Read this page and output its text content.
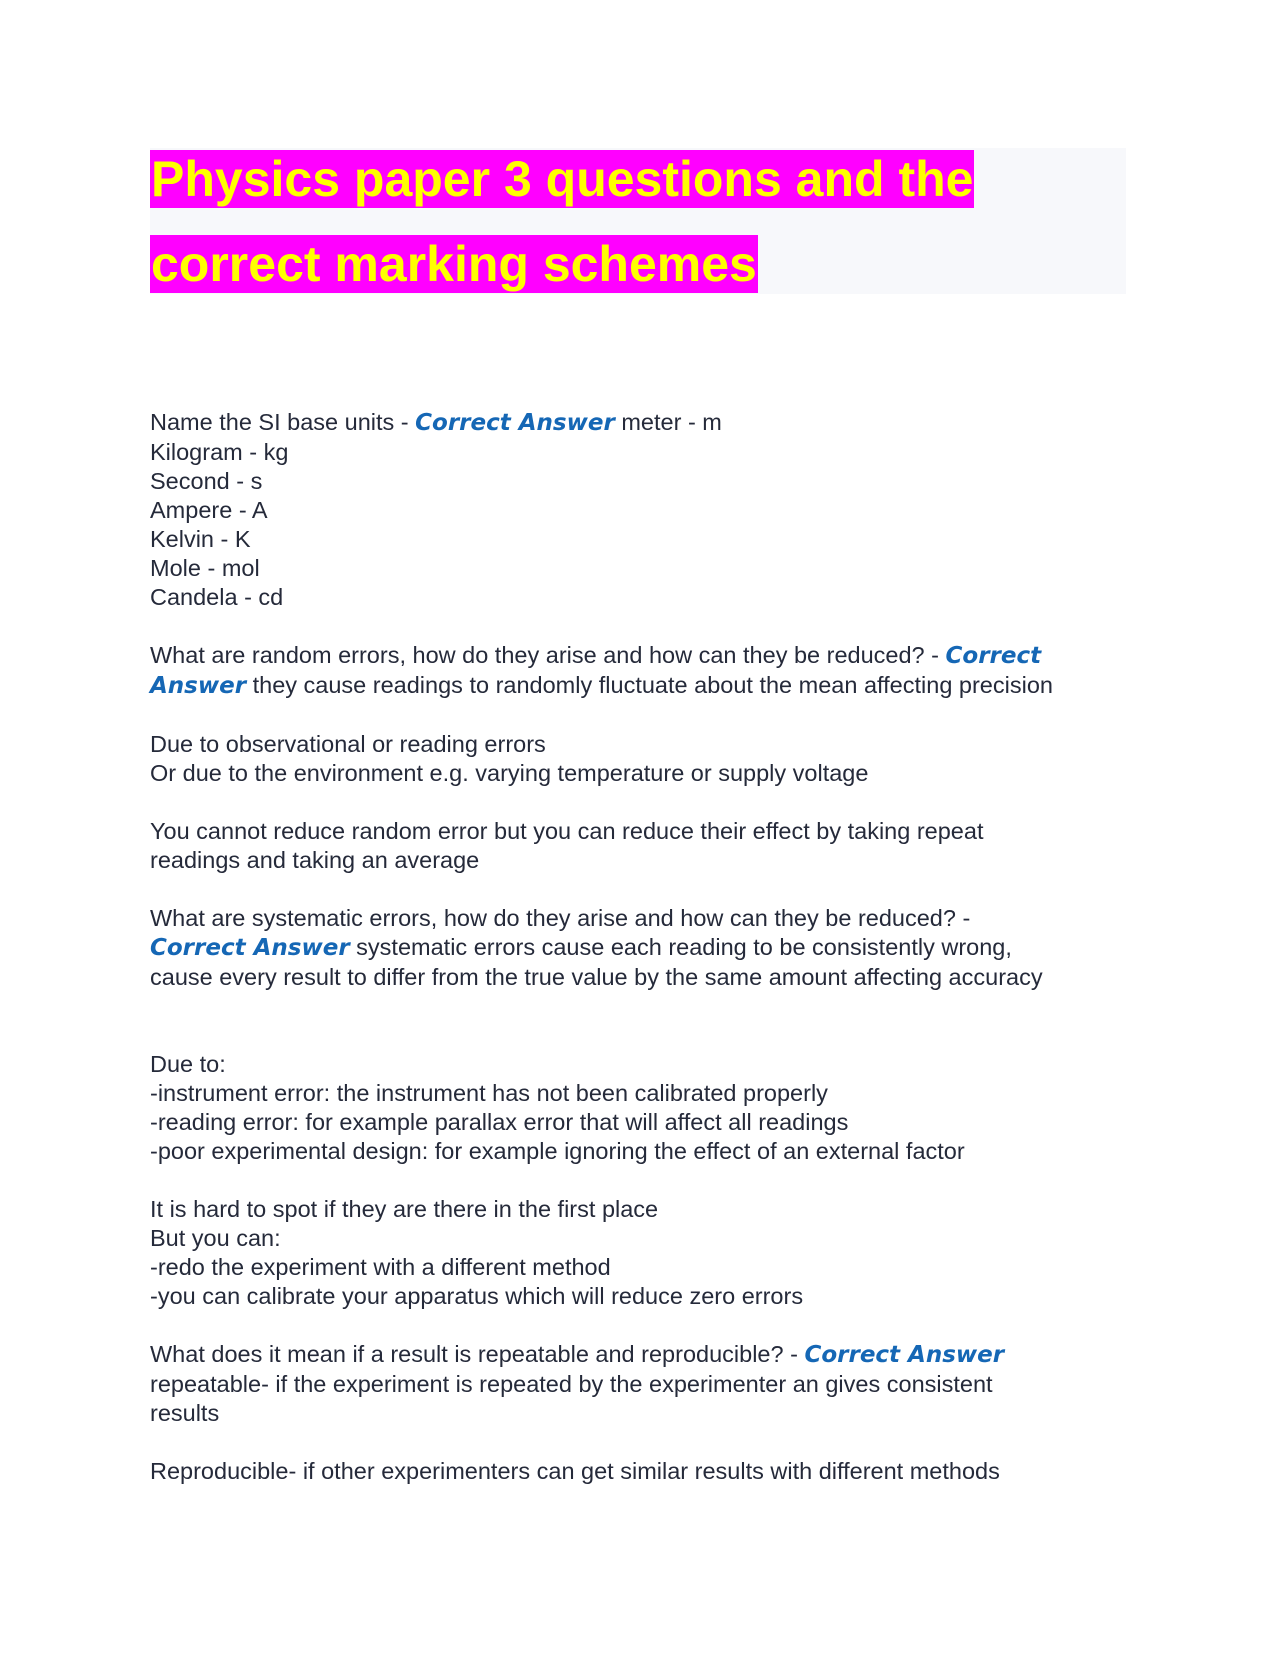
Physics paper 3 questions and the
correct marking schemes
Name the SI base units - Correct Answer meter - m
Kilogram - kg
Second - s
Ampere - A
Kelvin - K
Mole - mol
Candela - cd
What are random errors, how do they arise and how can they be reduced? - Correct
Answer they cause readings to randomly fluctuate about the mean affecting precision
Due to observational or reading errors
Or due to the environment e.g. varying temperature or supply voltage
You cannot reduce random error but you can reduce their effect by taking repeat
readings and taking an average
What are systematic errors, how do they arise and how can they be reduced? -
Correct Answer systematic errors cause each reading to be consistently wrong,
cause every result to differ from the true value by the same amount affecting accuracy
Due to:
-instrument error: the instrument has not been calibrated properly
-reading error: for example parallax error that will affect all readings
-poor experimental design: for example ignoring the effect of an external factor
It is hard to spot if they are there in the first place
But you can:
-redo the experiment with a different method
-you can calibrate your apparatus which will reduce zero errors
What does it mean if a result is repeatable and reproducible? - Correct Answer
repeatable- if the experiment is repeated by the experimenter an gives consistent
results
Reproducible- if other experimenters can get similar results with different methods
